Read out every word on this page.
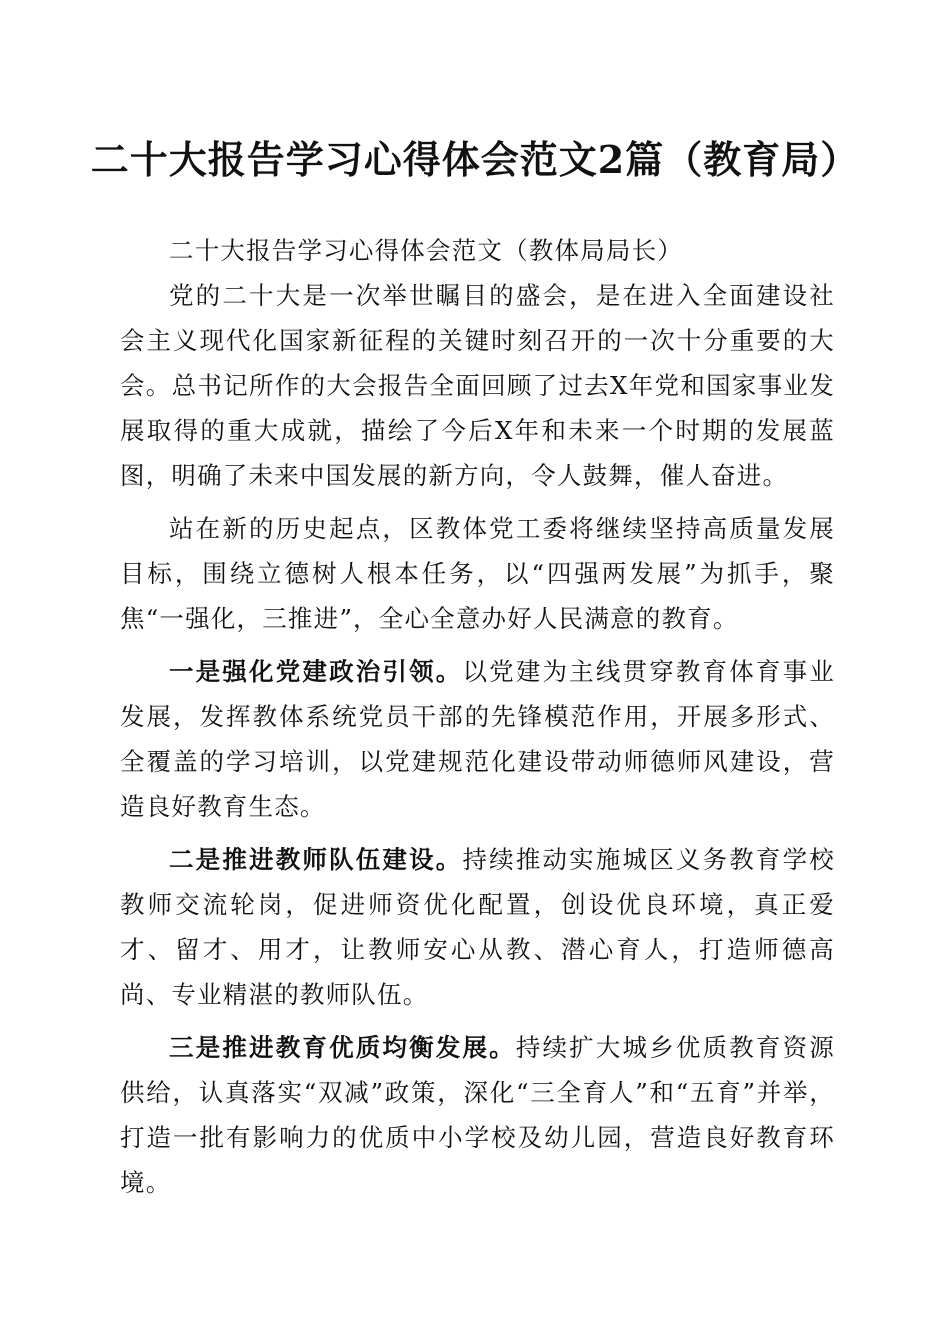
二十大报告学习心得体会范文2篇（教育局）

二十大报告学习心得体会范文（教体局局长）

党的二十大是一次举世瞩目的盛会，是在进入全面建设社会主义现代化国家新征程的关键时刻召开的一次十分重要的大会。总书记所作的大会报告全面回顾了过去X年党和国家事业发展取得的重大成就，描绘了今后X年和未来一个时期的发展蓝图，明确了未来中国发展的新方向，令人鼓舞，催人奋进。

站在新的历史起点，区教体党工委将继续坚持高质量发展目标，围绕立德树人根本任务，以“四强两发展”为抓手，聚焦“一强化，三推进”，全心全意办好人民满意的教育。

一是强化党建政治引领。以党建为主线贯穿教育体育事业发展，发挥教体系统党员干部的先锋模范作用，开展多形式、全覆盖的学习培训，以党建规范化建设带动师德师风建设，营造良好教育生态。

二是推进教师队伍建设。持续推动实施城区义务教育学校教师交流轮岗，促进师资优化配置，创设优良环境，真正爱才、留才、用才，让教师安心从教、潜心育人，打造师德高尚、专业精湛的教师队伍。

三是推进教育优质均衡发展。持续扩大城乡优质教育资源供给，认真落实“双减”政策，深化“三全育人”和“五育”并举，打造一批有影响力的优质中小学校及幼儿园，营造良好教育环境。
